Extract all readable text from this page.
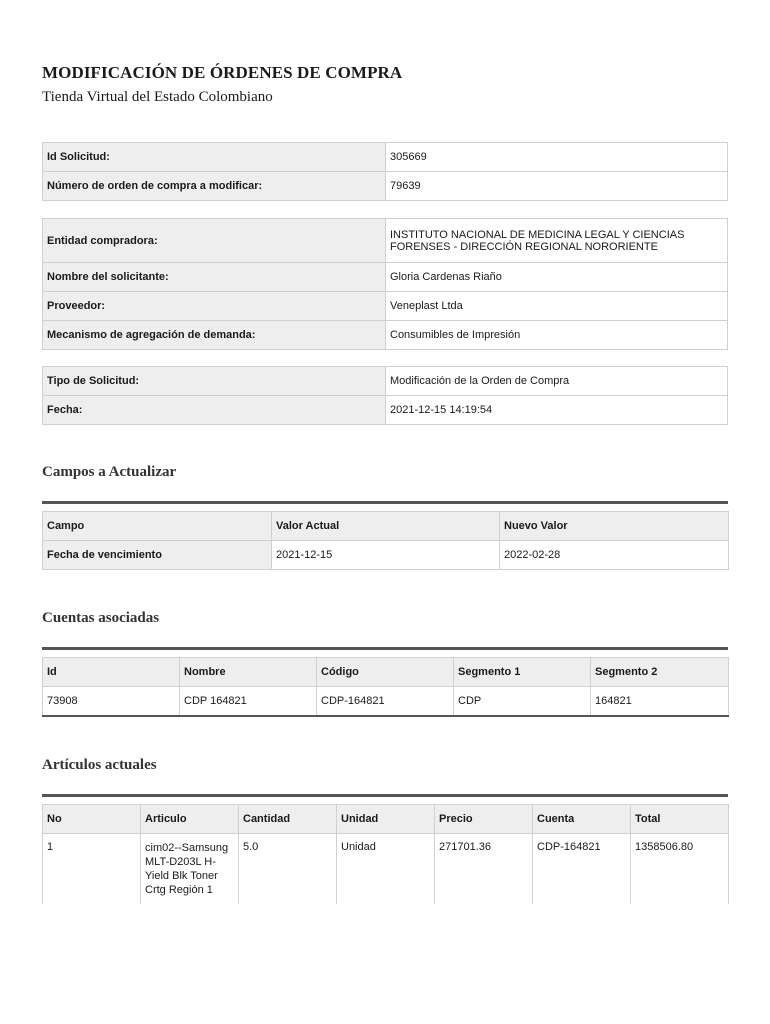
MODIFICACIÓN DE ÓRDENES DE COMPRA
Tienda Virtual del Estado Colombiano
Id Solicitud:	305669
Número de orden de compra a modificar:	79639
Entidad compradora:	INSTITUTO NACIONAL DE MEDICINA LEGAL Y CIENCIAS FORENSES - DIRECCIÓN REGIONAL NORORIENTE
Nombre del solicitante:	Gloria Cardenas Riaño
Proveedor:	Veneplast Ltda
Mecanismo de agregación de demanda:	Consumibles de Impresión
Tipo de Solicitud:	Modificación de la Orden de Compra
Fecha:	2021-12-15 14:19:54
Campos a Actualizar
Campo	Valor Actual	Nuevo Valor
Fecha de vencimiento	2021-12-15	2022-02-28
Cuentas asociadas
Id	Nombre	Código	Segmento 1	Segmento 2
73908	CDP 164821	CDP-164821	CDP	164821
Artículos actuales
No	Articulo	Cantidad	Unidad	Precio	Cuenta	Total
1	cim02--Samsung MLT-D203L H-Yield Blk Toner Crtg Región 1	5.0	Unidad	271701.36	CDP-164821	1358506.80
